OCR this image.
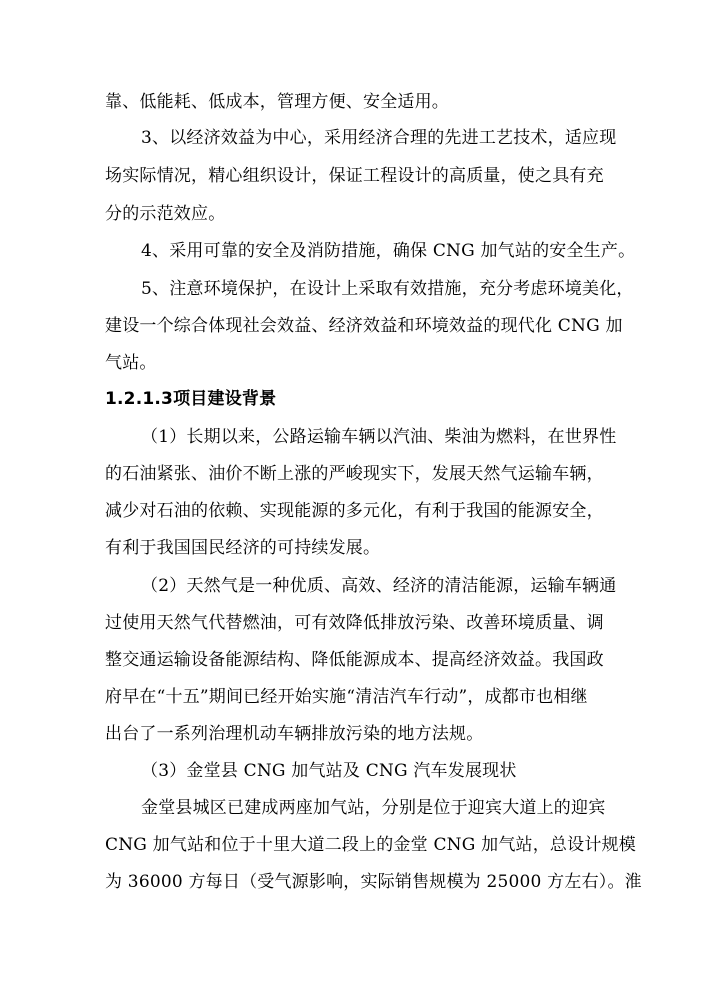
靠、低能耗、低成本，管理方便、安全适用。
3、以经济效益为中心，采用经济合理的先进工艺技术，适应现
场实际情况，精心组织设计，保证工程设计的高质量，使之具有充
分的示范效应。
4、采用可靠的安全及消防措施，确保 CNG 加气站的安全生产。
5、注意环境保护，在设计上采取有效措施，充分考虑环境美化，
建设一个综合体现社会效益、经济效益和环境效益的现代化 CNG 加
气站。
1.2.1.3项目建设背景
（1）长期以来，公路运输车辆以汽油、柴油为燃料，在世界性
的石油紧张、油价不断上涨的严峻现实下，发展天然气运输车辆，
减少对石油的依赖、实现能源的多元化，有利于我国的能源安全，
有利于我国国民经济的可持续发展。
（2）天然气是一种优质、高效、经济的清洁能源，运输车辆通
过使用天然气代替燃油，可有效降低排放污染、改善环境质量、调
整交通运输设备能源结构、降低能源成本、提高经济效益。我国政
府早在“十五”期间已经开始实施“清洁汽车行动”，成都市也相继
出台了一系列治理机动车辆排放污染的地方法规。
（3）金堂县 CNG 加气站及 CNG 汽车发展现状
金堂县城区已建成两座加气站，分别是位于迎宾大道上的迎宾
CNG 加气站和位于十里大道二段上的金堂 CNG 加气站，总设计规模
为 36000 方每日（受气源影响，实际销售规模为 25000 方左右）。淮
